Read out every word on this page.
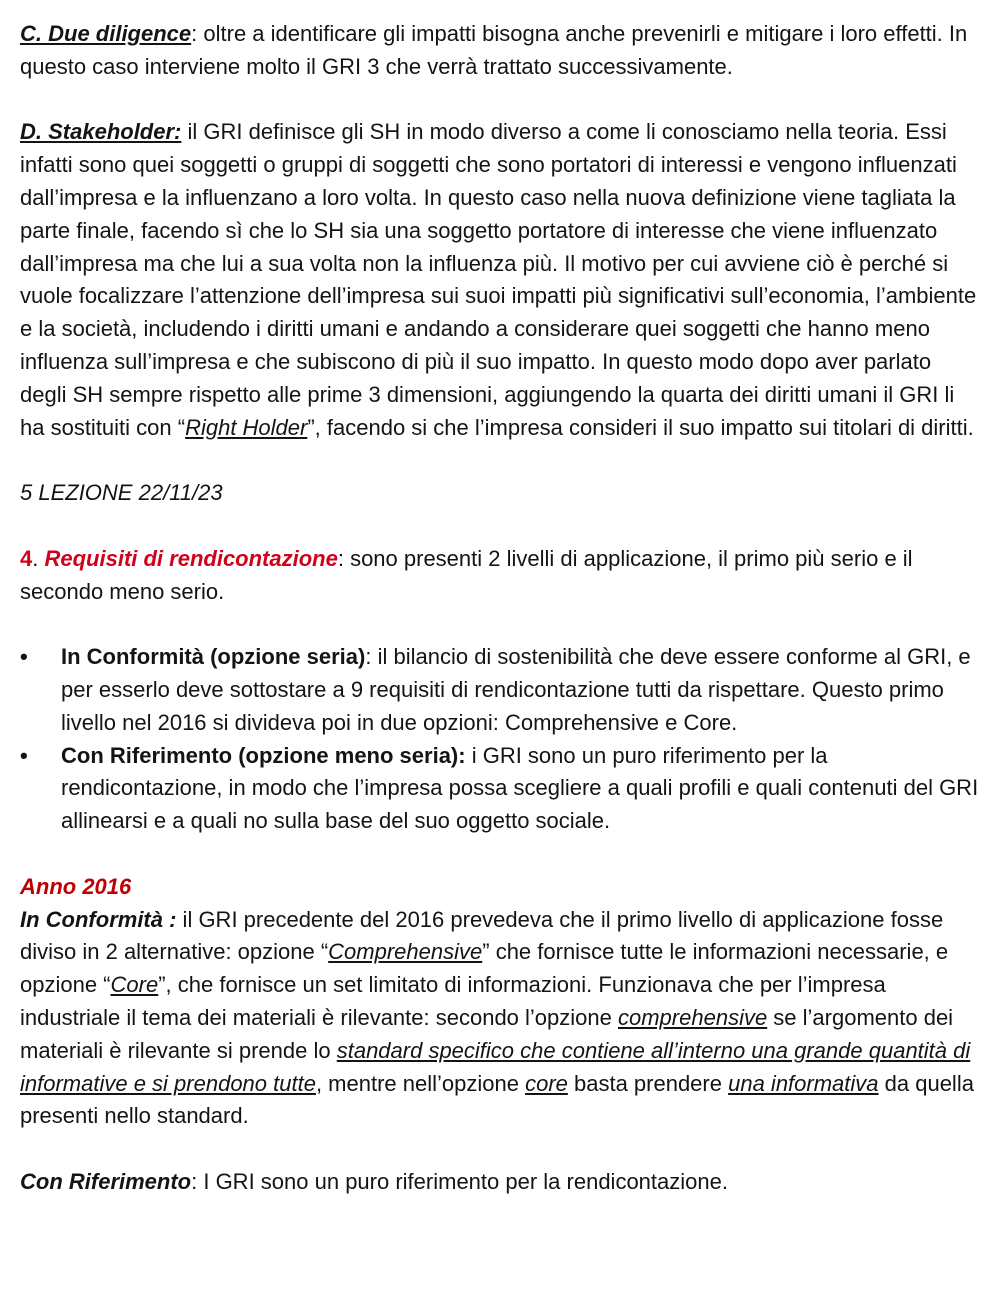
C. Due diligence: oltre a identificare gli impatti bisogna anche prevenirli e mitigare i loro effetti. In questo caso interviene molto il GRI 3 che verrà trattato successivamente.

D. Stakeholder: il GRI definisce gli SH in modo diverso a come li conosciamo nella teoria. Essi infatti sono quei soggetti o gruppi di soggetti che sono portatori di interessi e vengono influenzati dall’impresa e la influenzano a loro volta. In questo caso nella nuova definizione viene tagliata la parte finale, facendo sì che lo SH sia una soggetto portatore di interesse che viene influenzato dall’impresa ma che lui a sua volta non la influenza più. Il motivo per cui avviene ciò è perché si vuole focalizzare l’attenzione dell’impresa sui suoi impatti più significativi sull’economia, l’ambiente e la società, includendo i diritti umani e andando a considerare quei soggetti che hanno meno influenza sull’impresa e che subiscono di più il suo impatto. In questo modo dopo aver parlato degli SH sempre rispetto alle prime 3 dimensioni, aggiungendo la quarta dei diritti umani il GRI li ha sostituiti con “Right Holder”, facendo si che l’impresa consideri il suo impatto sui titolari di diritti.

5 LEZIONE 22/11/23

4. Requisiti di rendicontazione: sono presenti 2 livelli di applicazione, il primo più serio e il secondo meno serio.

• In Conformità (opzione seria): il bilancio di sostenibilità che deve essere conforme al GRI, e per esserlo deve sottostare a 9 requisiti di rendicontazione tutti da rispettare. Questo primo livello nel 2016 si divideva poi in due opzioni: Comprehensive e Core.
• Con Riferimento (opzione meno seria): i GRI sono un puro riferimento per la rendicontazione, in modo che l’impresa possa scegliere a quali profili e quali contenuti del GRI allinearsi e a quali no sulla base del suo oggetto sociale.

Anno 2016

In Conformità : il GRI precedente del 2016 prevedeva che il primo livello di applicazione fosse diviso in 2 alternative: opzione “Comprehensive” che fornisce tutte le informazioni necessarie, e opzione “Core”, che fornisce un set limitato di informazioni. Funzionava che per l’impresa industriale il tema dei materiali è rilevante: secondo l’opzione comprehensive se l’argomento dei materiali è rilevante si prende lo standard specifico che contiene all’interno una grande quantità di informative e si prendono tutte, mentre nell’opzione core basta prendere una informativa da quella presenti nello standard.

Con Riferimento: I GRI sono un puro riferimento per la rendicontazione.
